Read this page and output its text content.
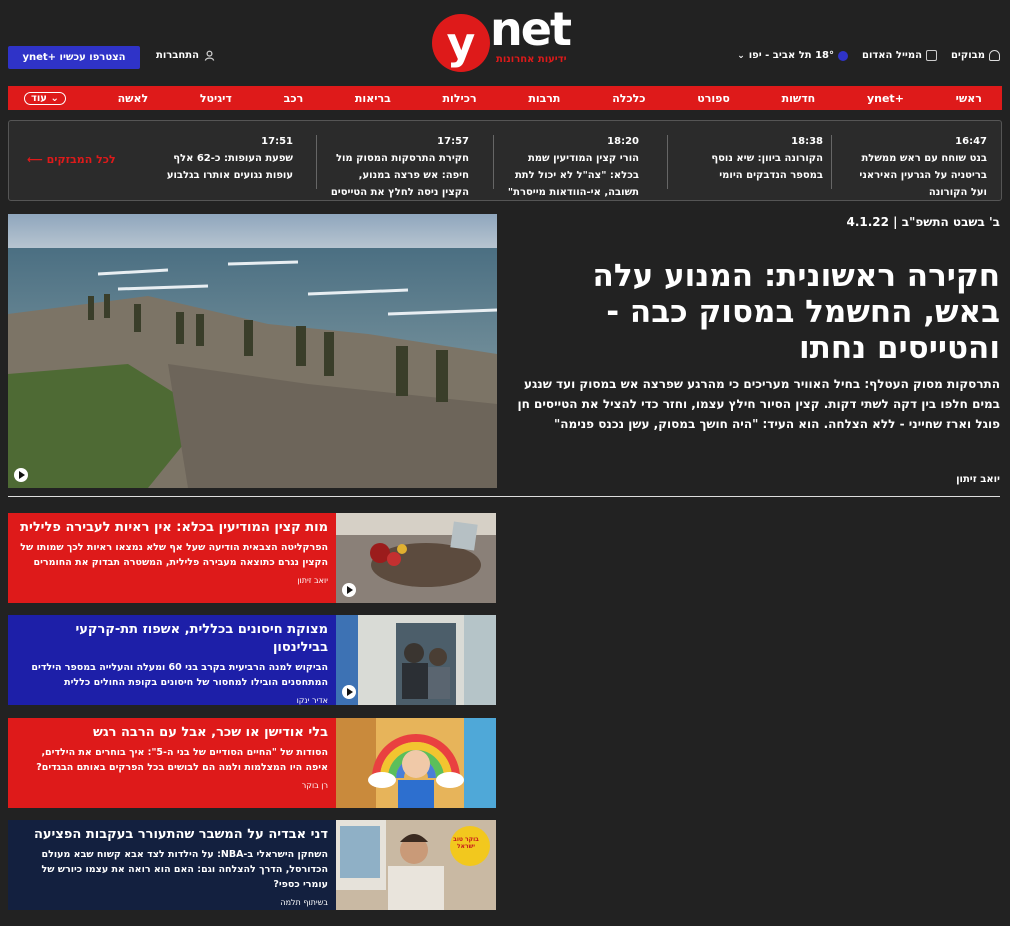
ynet+ הצטרפו עכשיו	התחברות	y net
ידיעות אחרונות	מבוקים
המייל האדום
18° תל אביב - יפו
⌄
ראשי
ynet+
חדשות
ספורט
כלכלה
תרבות
רכילות
בריאות
רכב
דיגיטל
לאשה
עוד ⌄
16:47
בנט שוחח עם ראש ממשלת בריטניה על הגרעין האיראני ועל הקורונה
18:38
הקורונה ביוון: שיא נוסף במספר הנדבקים היומי
18:20
הורי קצין המודיעין שמת בכלא: "צה"ל לא יכול לתת תשובה, אי-הוודאות מייסרת"
17:57
חקירת התרסקות המסוק מול חיפה: אש פרצה במנוע, הקצין ניסה לחלץ את הטייסים
17:51
שפעת העופות: כ-62 אלף עופות נגועים אותרו בגלבוע
⟵ לכל המבזקים
4.1.22 | ב' בשבט התשפ"ב
חקירה ראשונית: המנוע עלה באש, החשמל במסוק כבה - והטייסים נחתו
התרסקות מסוק העטלף: בחיל האוויר מעריכים כי מהרגע שפרצה אש במסוק ועד שנגע במים חלפו בין דקה לשתי דקות. קצין הסיור חילץ עצמו, וחזר כדי להציל את הטייסים חן פוגל וארז שחייני - ללא הצלחה. הוא העיד: "היה חושך במסוק, עשן נכנס פנימה"
יואב זיתון
מות קצין המודיעין בכלא: אין ראיות לעבירה פלילית
הפרקליטה הצבאית הודיעה שעל אף שלא נמצאו ראיות לכך שמותו של הקצין נגרם כתוצאה מעבירה פלילית, המשטרה תבדוק את החומרים
יואב זיתון
מצוקת חיסונים בכללית, אשפוז תת-קרקעי בבילינסון
הביקוש למנה הרביעית בקרב בני 60 ומעלה והעלייה במספר הילדים המתחסנים הובילו למחסור של חיסונים בקופת החולים כללית
אדיר ינקו
בלי אודישן או שכר, אבל עם הרבה רגש
הסודות של "החיים הסודיים של בני ה-5": איך בוחרים את הילדים, איפה היו המצלמות ולמה הם לבושים בכל הפרקים באותם הבגדים?
רן בוקר
דני אבדיה על המשבר שהתעורר בעקבות הפציעה
השחקן הישראלי ב-NBA: על הילדות לצד אבא קשוח שבא מעולם הכדורסל, הדרך להצלחה וגם: האם הוא רואה את עצמו כיורש של עומרי כספי?
בשיתוף תלמה
בוקר טוב ישראל
